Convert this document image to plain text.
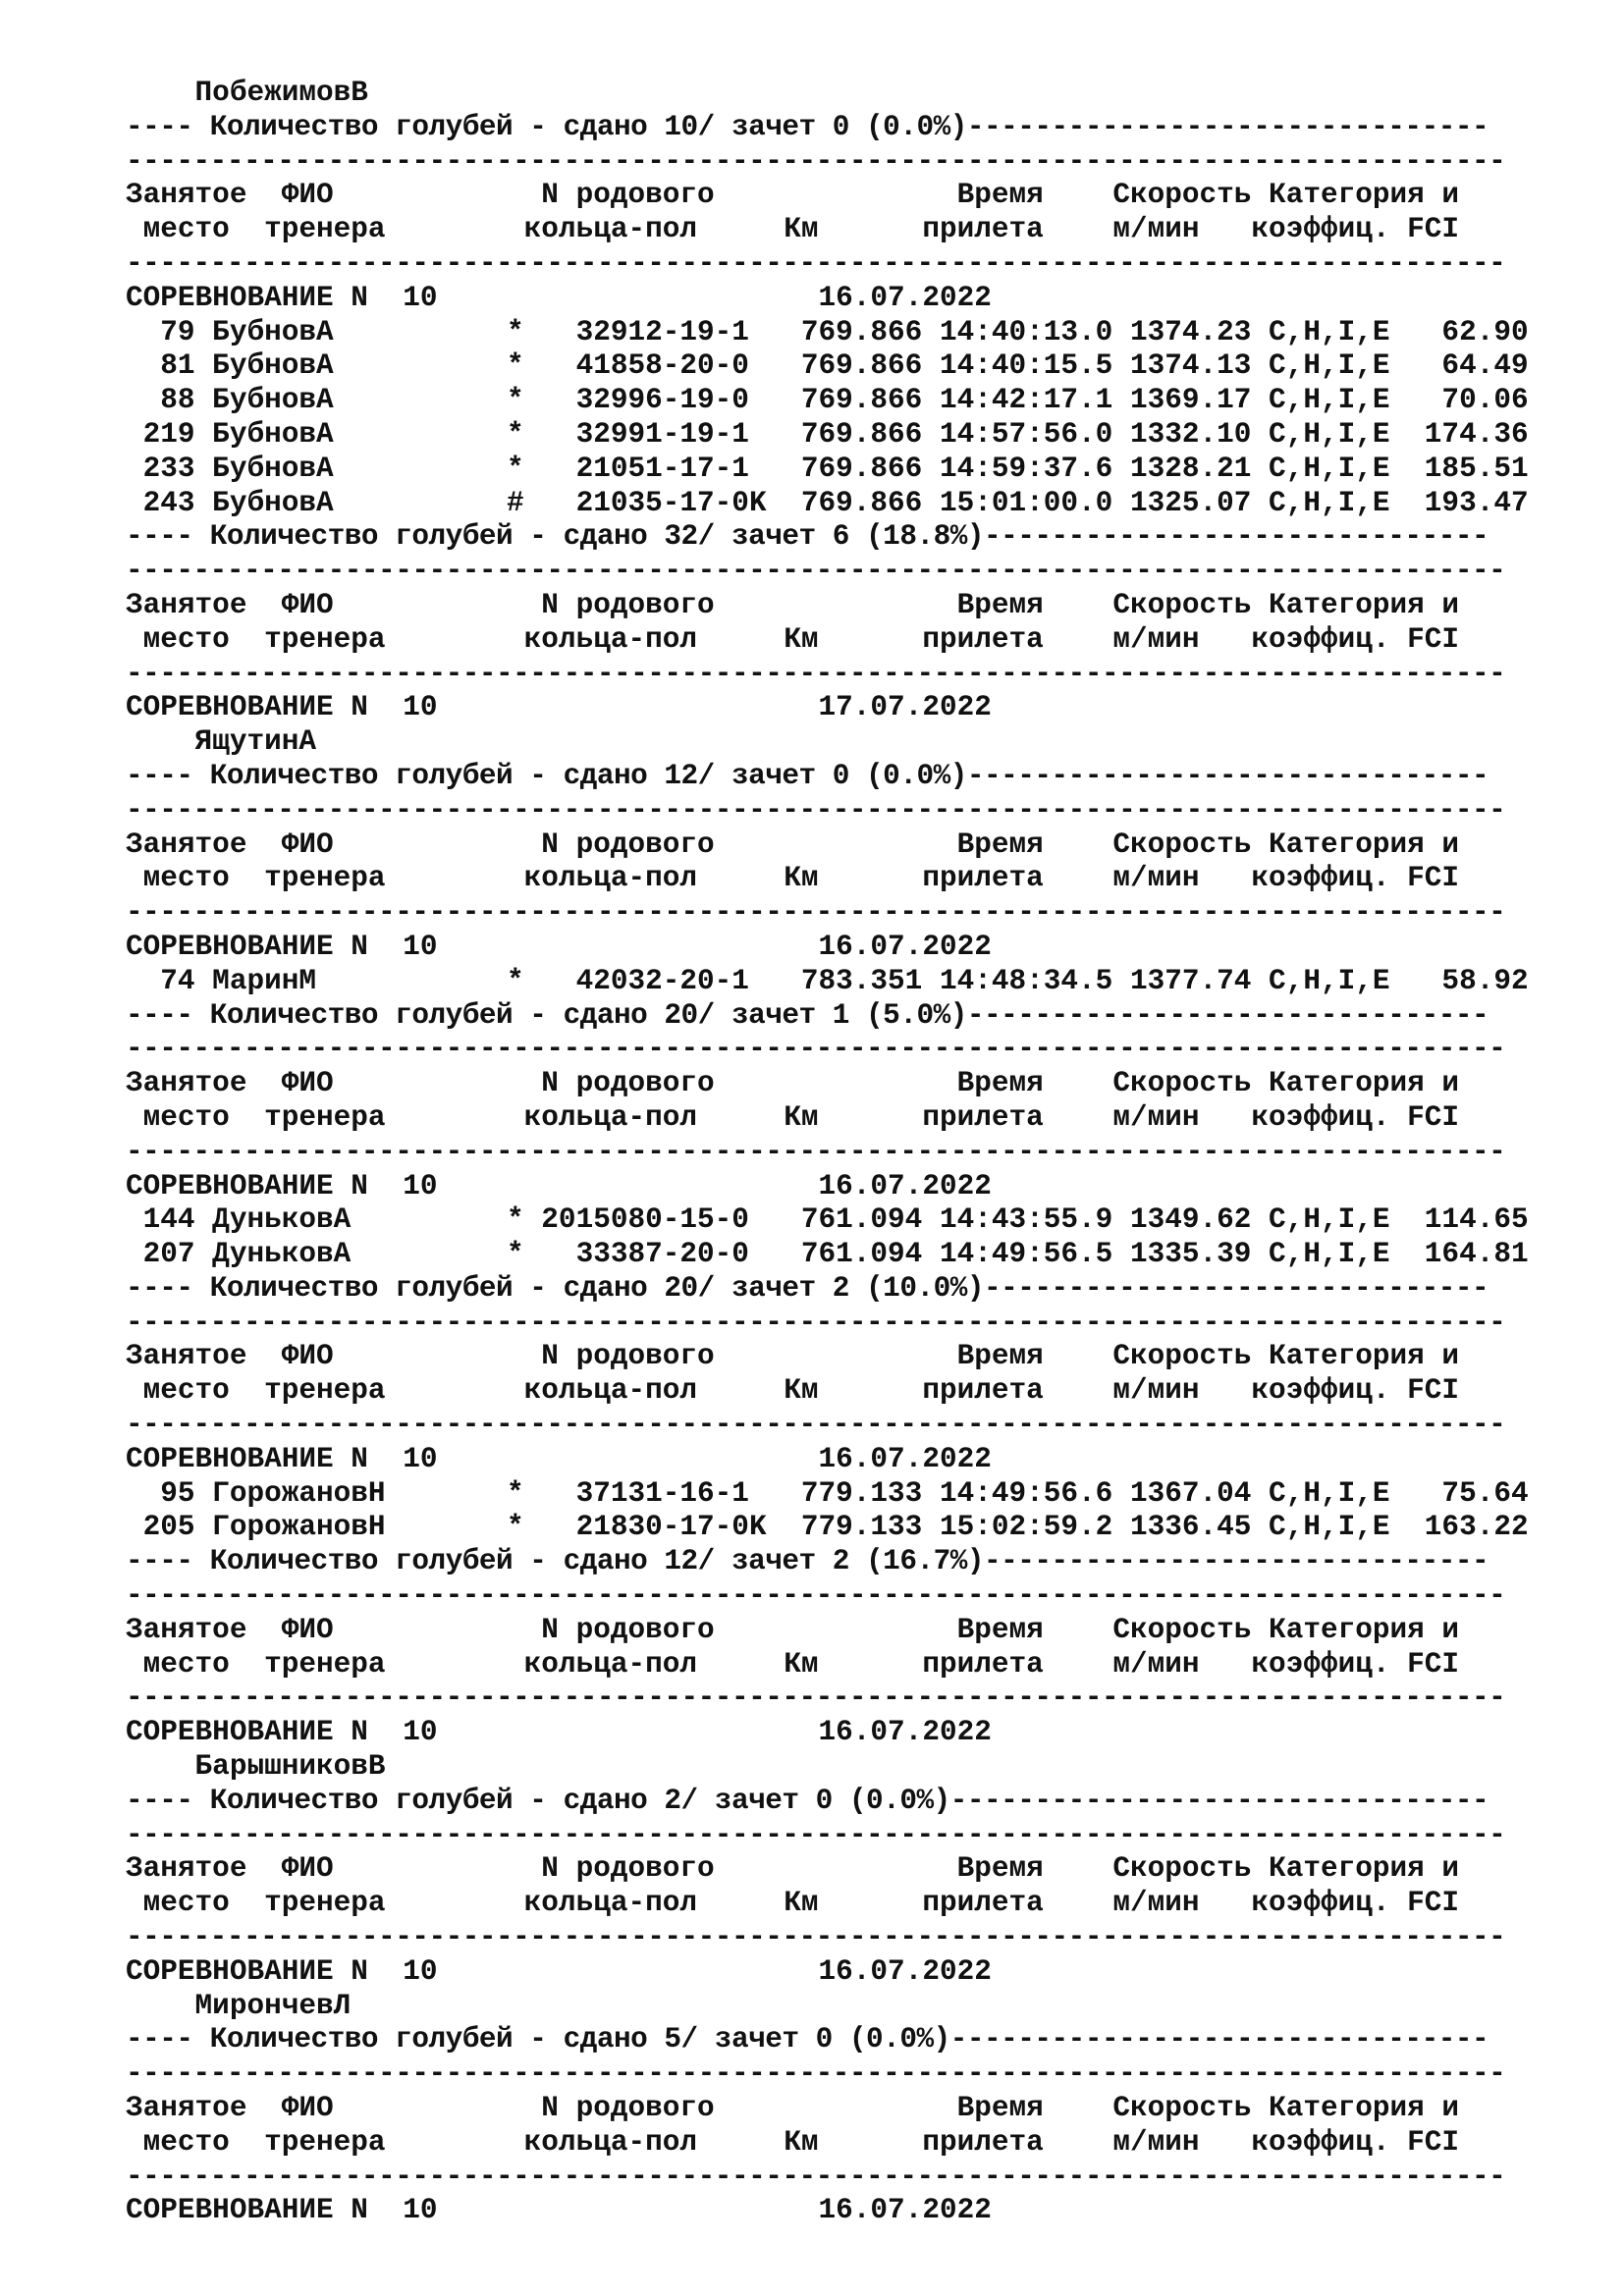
ПобежимовВ
---- Количество голубей - сдано 10/ зачет 0 (0.0%)-------------------------------
----------------------------------------------------------------------------------
Занятое  ФИО            N родового              Время    Скорость Категория и
место  тренера        кольца-пол     Км      прилета    м/мин   коэффиц. FCI
----------------------------------------------------------------------------------
СОРЕВНОВАНИЕ N  10                      16.07.2022
79 БубновА          *   32912-19-1   769.866 14:40:13.0 1374.23 C,H,I,E   62.90
81 БубновА          *   41858-20-0   769.866 14:40:15.5 1374.13 C,H,I,E   64.49
88 БубновА          *   32996-19-0   769.866 14:42:17.1 1369.17 C,H,I,E   70.06
219 БубновА          *   32991-19-1   769.866 14:57:56.0 1332.10 C,H,I,E  174.36
233 БубновА          *   21051-17-1   769.866 14:59:37.6 1328.21 C,H,I,E  185.51
243 БубновА          #   21035-17-0K  769.866 15:01:00.0 1325.07 C,H,I,E  193.47
---- Количество голубей - сдано 32/ зачет 6 (18.8%)------------------------------
----------------------------------------------------------------------------------
Занятое  ФИО            N родового              Время    Скорость Категория и
место  тренера        кольца-пол     Км      прилета    м/мин   коэффиц. FCI
----------------------------------------------------------------------------------
СОРЕВНОВАНИЕ N  10                      17.07.2022
ЯщутинА
---- Количество голубей - сдано 12/ зачет 0 (0.0%)-------------------------------
----------------------------------------------------------------------------------
Занятое  ФИО            N родового              Время    Скорость Категория и
место  тренера        кольца-пол     Км      прилета    м/мин   коэффиц. FCI
----------------------------------------------------------------------------------
СОРЕВНОВАНИЕ N  10                      16.07.2022
74 МаринМ           *   42032-20-1   783.351 14:48:34.5 1377.74 C,H,I,E   58.92
---- Количество голубей - сдано 20/ зачет 1 (5.0%)-------------------------------
----------------------------------------------------------------------------------
Занятое  ФИО            N родового              Время    Скорость Категория и
место  тренера        кольца-пол     Км      прилета    м/мин   коэффиц. FCI
----------------------------------------------------------------------------------
СОРЕВНОВАНИЕ N  10                      16.07.2022
144 ДуньковА         * 2015080-15-0   761.094 14:43:55.9 1349.62 C,H,I,E  114.65
207 ДуньковА         *   33387-20-0   761.094 14:49:56.5 1335.39 C,H,I,E  164.81
---- Количество голубей - сдано 20/ зачет 2 (10.0%)------------------------------
----------------------------------------------------------------------------------
Занятое  ФИО            N родового              Время    Скорость Категория и
место  тренера        кольца-пол     Км      прилета    м/мин   коэффиц. FCI
----------------------------------------------------------------------------------
СОРЕВНОВАНИЕ N  10                      16.07.2022
95 ГорожановН       *   37131-16-1   779.133 14:49:56.6 1367.04 C,H,I,E   75.64
205 ГорожановН       *   21830-17-0K  779.133 15:02:59.2 1336.45 C,H,I,E  163.22
---- Количество голубей - сдано 12/ зачет 2 (16.7%)------------------------------
----------------------------------------------------------------------------------
Занятое  ФИО            N родового              Время    Скорость Категория и
место  тренера        кольца-пол     Км      прилета    м/мин   коэффиц. FCI
----------------------------------------------------------------------------------
СОРЕВНОВАНИЕ N  10                      16.07.2022
БарышниковВ
---- Количество голубей - сдано 2/ зачет 0 (0.0%)--------------------------------
----------------------------------------------------------------------------------
Занятое  ФИО            N родового              Время    Скорость Категория и
место  тренера        кольца-пол     Км      прилета    м/мин   коэффиц. FCI
----------------------------------------------------------------------------------
СОРЕВНОВАНИЕ N  10                      16.07.2022
МирончевЛ
---- Количество голубей - сдано 5/ зачет 0 (0.0%)--------------------------------
----------------------------------------------------------------------------------
Занятое  ФИО            N родового              Время    Скорость Категория и
место  тренера        кольца-пол     Км      прилета    м/мин   коэффиц. FCI
----------------------------------------------------------------------------------
СОРЕВНОВАНИЕ N  10                      16.07.2022
